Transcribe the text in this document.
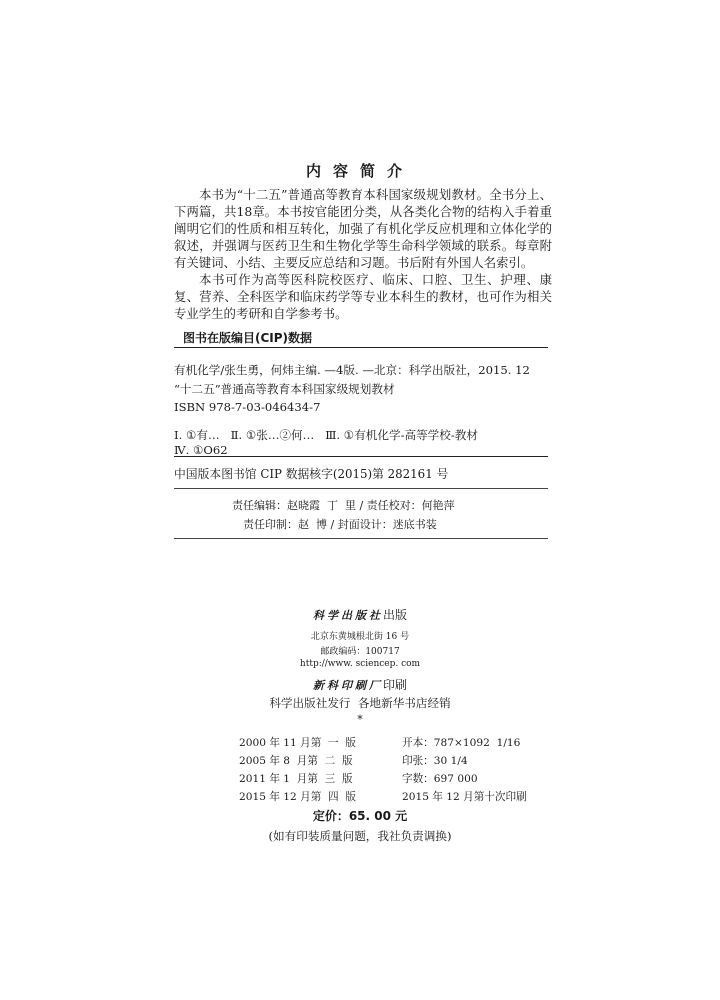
内容简介

本书为“十二五”普通高等教育本科国家级规划教材。全书分上、下两篇，共18章。本书按官能团分类，从各类化合物的结构入手着重阐明它们的性质和相互转化，加强了有机化学反应机理和立体化学的叙述，并强调与医药卫生和生物化学等生命科学领域的联系。每章附有关键词、小结、主要反应总结和习题。书后附有外国人名索引。

本书可作为高等医科院校医疗、临床、口腔、卫生、护理、康复、营养、全科医学和临床药学等专业本科生的教材，也可作为相关专业学生的考研和自学参考书。

图书在版编目(CIP)数据
有机化学/张生勇，何炜主编. —4版. —北京：科学出版社，2015. 12
“十二五”普通高等教育本科国家级规划教材
ISBN 978-7-03-046434-7
Ⅰ. ①有…   Ⅱ. ①张…②何…   Ⅲ. ①有机化学-高等学校-教材
Ⅳ. ①O62
中国版本图书馆 CIP 数据核字(2015)第 282161 号
责任编辑：赵晓霞  丁  里 / 责任校对：何艳萍
责任印制：赵  博 / 封面设计：迷底书装
科学出版社出版
北京东黄城根北街 16 号
邮政编码：100717
http://www. sciencep. com
新科印刷厂印刷
科学出版社发行  各地新华书店经销
*
2000 年 11 月第  一  版	开本：787×1092  1/16
2005 年 8  月第  二  版	印张：30 1/4
2011 年 1  月第  三  版	字数：697 000
2015 年 12 月第  四  版	2015 年 12 月第十次印刷
定价：65. 00 元
(如有印装质量问题，我社负责调换)
